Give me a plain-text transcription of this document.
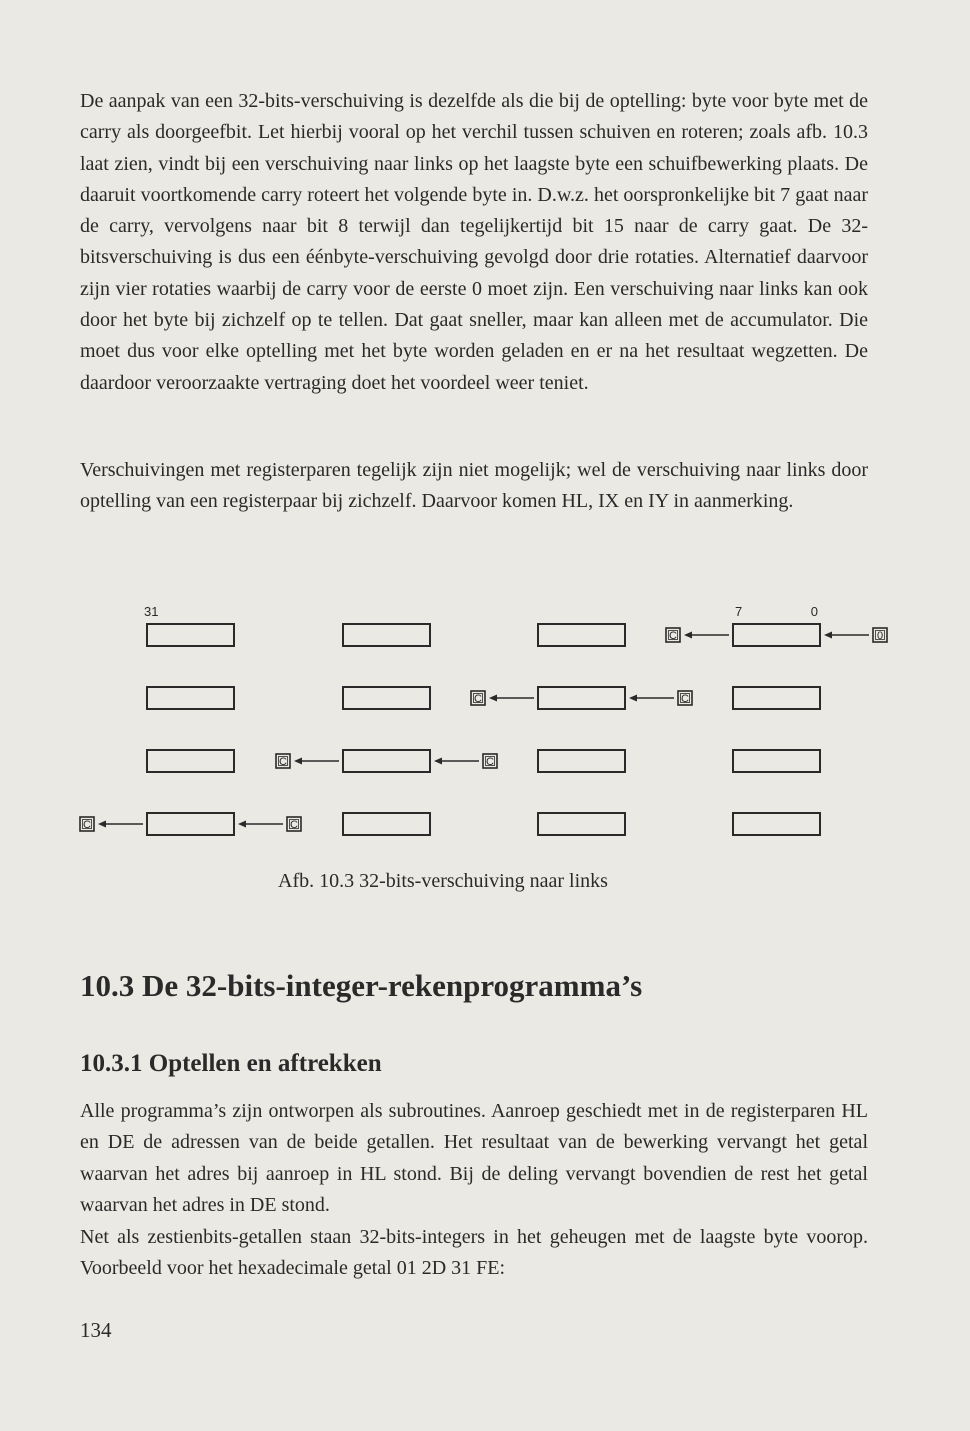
De aanpak van een 32-bits-verschuiving is dezelfde als die bij de optelling: byte voor byte met de carry als doorgeefbit. Let hierbij vooral op het verchil tussen schuiven en roteren; zoals afb. 10.3 laat zien, vindt bij een verschuiving naar links op het laagste byte een schuifbewerking plaats. De daaruit voortkomende carry roteert het volgende byte in. D.w.z. het oorspronkelijke bit 7 gaat naar de carry, vervolgens naar bit 8 terwijl dan tegelijkertijd bit 15 naar de carry gaat. De 32-bitsverschuiving is dus een éénbyte-verschuiving gevolgd door drie rotaties. Alternatief daarvoor zijn vier rotaties waarbij de carry voor de eerste 0 moet zijn. Een verschuiving naar links kan ook door het byte bij zichzelf op te tellen. Dat gaat sneller, maar kan alleen met de accumulator. Die moet dus voor elke optelling met het byte worden geladen en er na het resultaat wegzetten. De daardoor veroorzaakte vertraging doet het voordeel weer teniet.

Verschuivingen met registerparen tegelijk zijn niet mogelijk; wel de verschuiving naar links door optelling van een registerpaar bij zichzelf. Daarvoor komen HL, IX en IY in aanmerking.

31	7	0
C	0
C	C
C	C
C	C

Afb. 10.3 32-bits-verschuiving naar links

10.3 De 32-bits-integer-rekenprogramma’s
10.3.1 Optellen en aftrekken

Alle programma’s zijn ontworpen als subroutines. Aanroep geschiedt met in de registerparen HL en DE de adressen van de beide getallen. Het resultaat van de bewerking vervangt het getal waarvan het adres bij aanroep in HL stond. Bij de deling vervangt bovendien de rest het getal waarvan het adres in DE stond.

Net als zestienbits-getallen staan 32-bits-integers in het geheugen met de laagste byte voorop. Voorbeeld voor het hexadecimale getal 01 2D 31 FE:

134
